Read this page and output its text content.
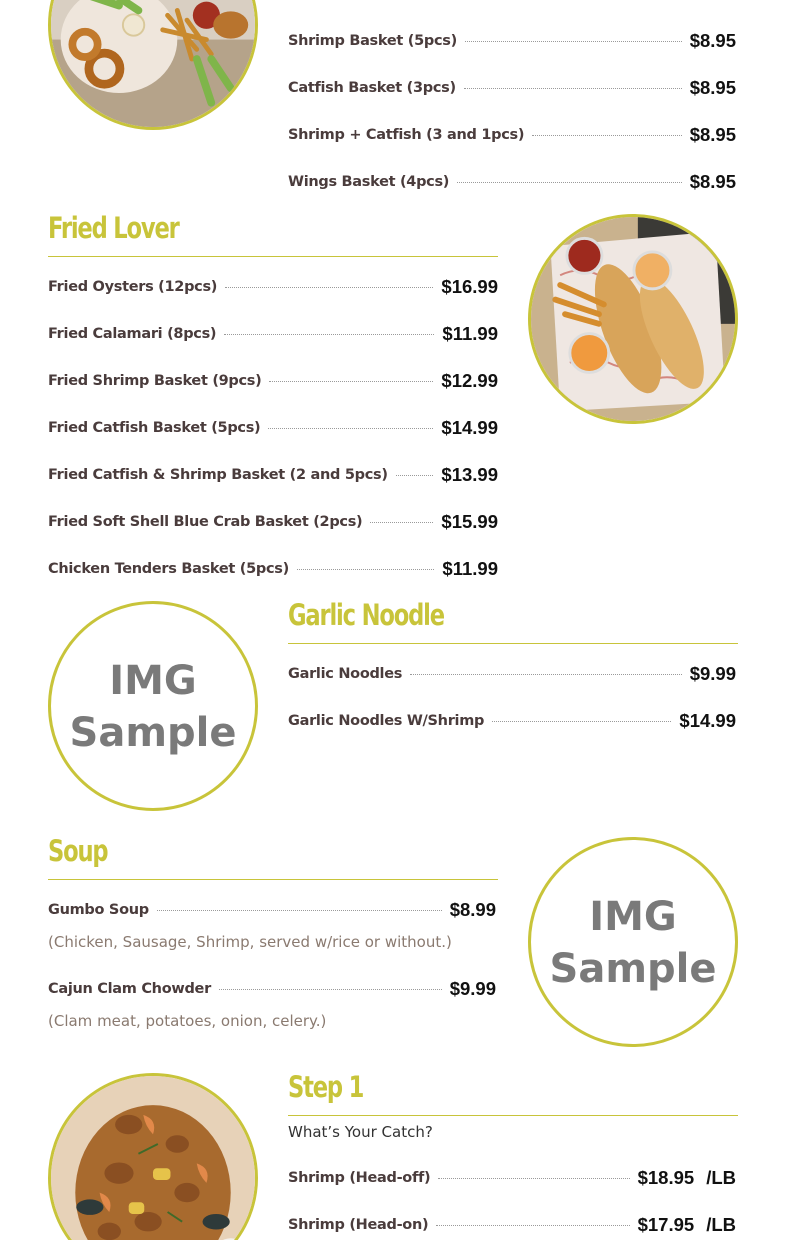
Shrimp Basket (5pcs)	$8.95
Catfish Basket (3pcs)	$8.95
Shrimp + Catfish (3 and 1pcs)	$8.95
Wings Basket (4pcs)	$8.95
Fried Lover
Fried Oysters (12pcs)	$16.99
Fried Calamari (8pcs)	$11.99
Fried Shrimp Basket (9pcs)	$12.99
Fried Catfish Basket (5pcs)	$14.99
Fried Catfish & Shrimp Basket (2 and 5pcs)	$13.99
Fried Soft Shell Blue Crab Basket (2pcs)	$15.99
Chicken Tenders Basket (5pcs)	$11.99
IMG
Sample
Garlic Noodle
Garlic Noodles	$9.99
Garlic Noodles W/Shrimp	$14.99
Soup
Gumbo Soup	$8.99
(Chicken, Sausage, Shrimp, served w/rice or without.)
Cajun Clam Chowder	$9.99
(Clam meat, potatoes, onion, celery.)
IMG
Sample
Step 1
What’s Your Catch?
Shrimp (Head-off)	$18.95 /LB
Shrimp (Head-on)	$17.95 /LB
